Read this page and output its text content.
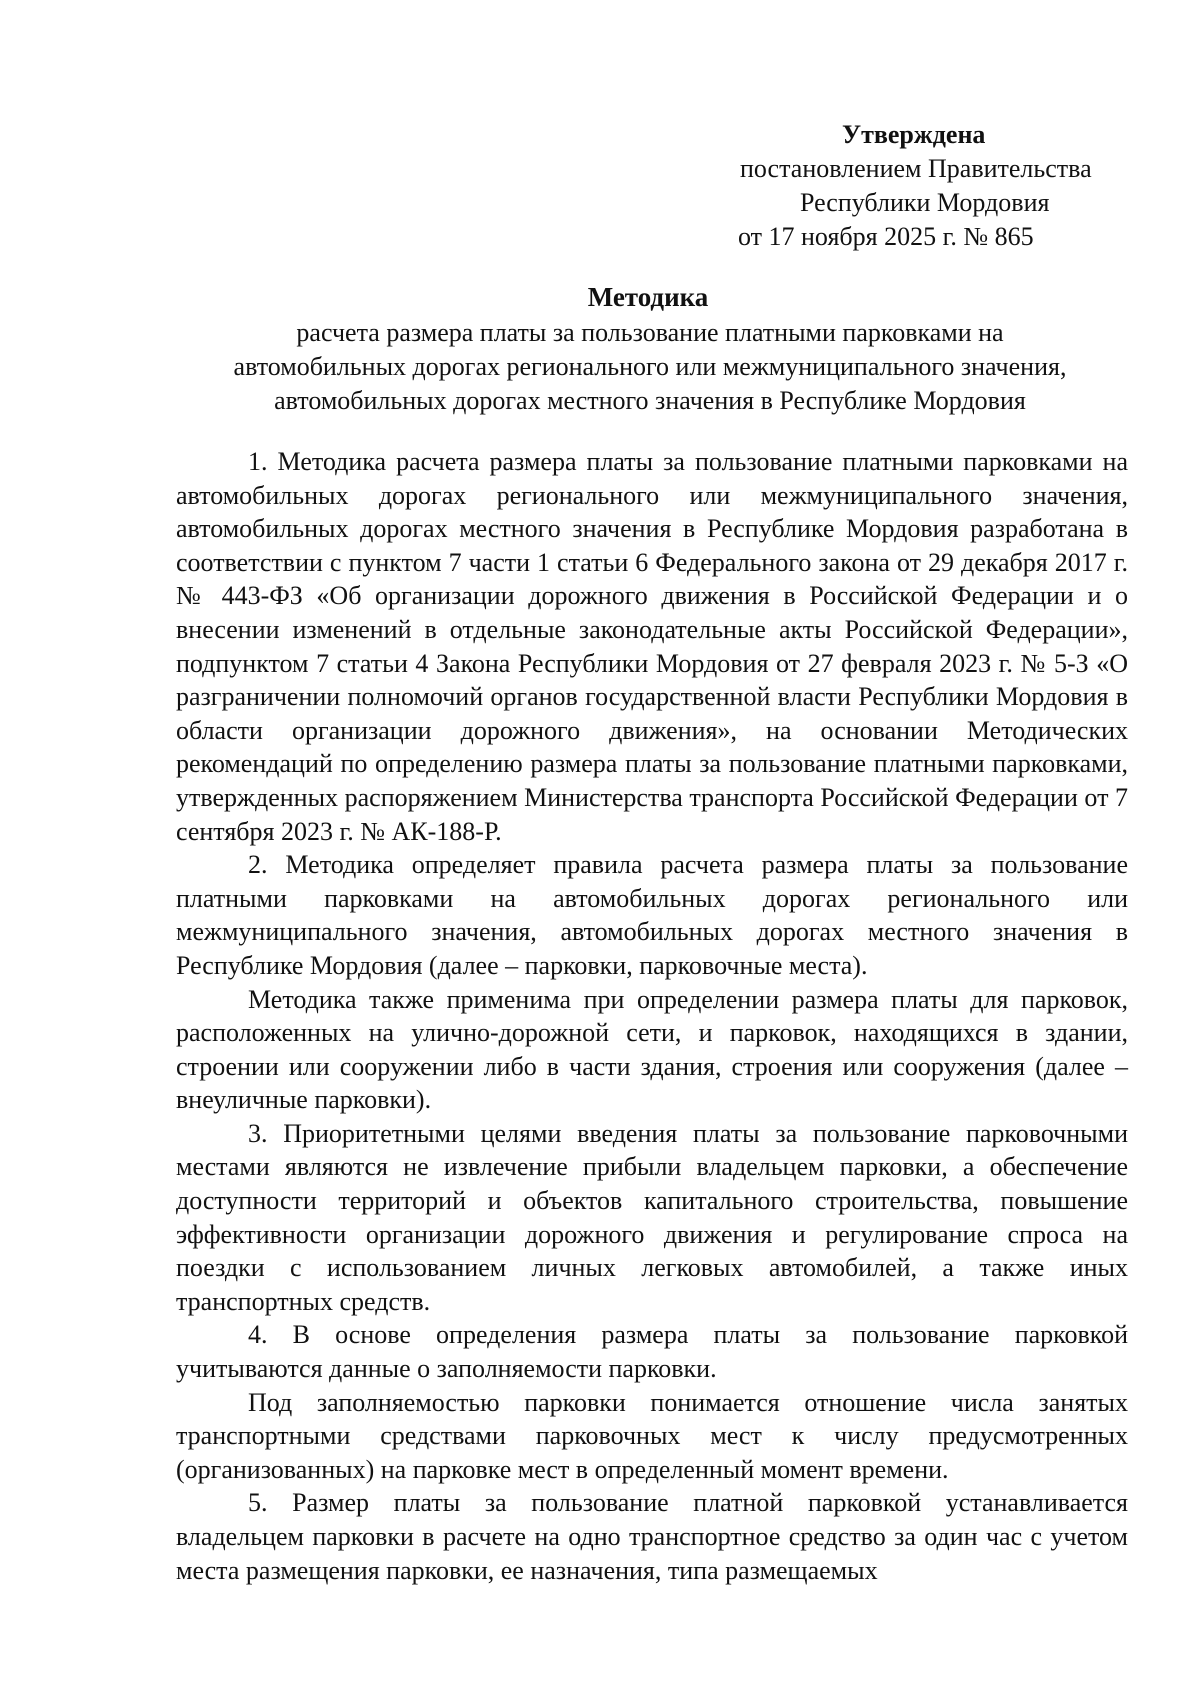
Утверждена
постановлением Правительства
Республики Мордовия
от 17 ноября 2025 г. № 865
Методика
расчета размера платы за пользование платными парковками на
автомобильных дорогах регионального или межмуниципального значения,
автомобильных дорогах местного значения в Республике Мордовия

1. Методика расчета размера платы за пользование платными парковками на автомобильных дорогах регионального или межмуниципального значения, автомобильных дорогах местного значения в Республике Мордовия разработана в соответствии с пунктом 7 части 1 статьи 6 Федерального закона от 29 декабря 2017 г. № 443-ФЗ «Об организации дорожного движения в Российской Федерации и о внесении изменений в отдельные законодательные акты Российской Федерации», подпунктом 7 статьи 4 Закона Республики Мордовия от 27 февраля 2023 г. № 5-З «О разграничении полномочий органов государственной власти Республики Мордовия в области организации дорожного движения», на основании Методических рекомендаций по определению размера платы за пользование платными парковками, утвержденных распоряжением Министерства транспорта Российской Федерации от 7 сентября 2023 г. № АК-188-Р.

2. Методика определяет правила расчета размера платы за пользование платными парковками на автомобильных дорогах регионального или межмуниципального значения, автомобильных дорогах местного значения в Республике Мордовия (далее – парковки, парковочные места).

Методика также применима при определении размера платы для парковок, расположенных на улично-дорожной сети, и парковок, находящихся в здании, строении или сооружении либо в части здания, строения или сооружения (далее – внеуличные парковки).

3. Приоритетными целями введения платы за пользование парковочными местами являются не извлечение прибыли владельцем парковки, а обеспечение доступности территорий и объектов капитального строительства, повышение эффективности организации дорожного движения и регулирование спроса на поездки с использованием личных легковых автомобилей, а также иных транспортных средств.

4. В основе определения размера платы за пользование парковкой учитываются данные о заполняемости парковки.

Под заполняемостью парковки понимается отношение числа занятых транспортными средствами парковочных мест к числу предусмотренных (организованных) на парковке мест в определенный момент времени.

5. Размер платы за пользование платной парковкой устанавливается владельцем парковки в расчете на одно транспортное средство за один час с учетом места размещения парковки, ее назначения, типа размещаемых
